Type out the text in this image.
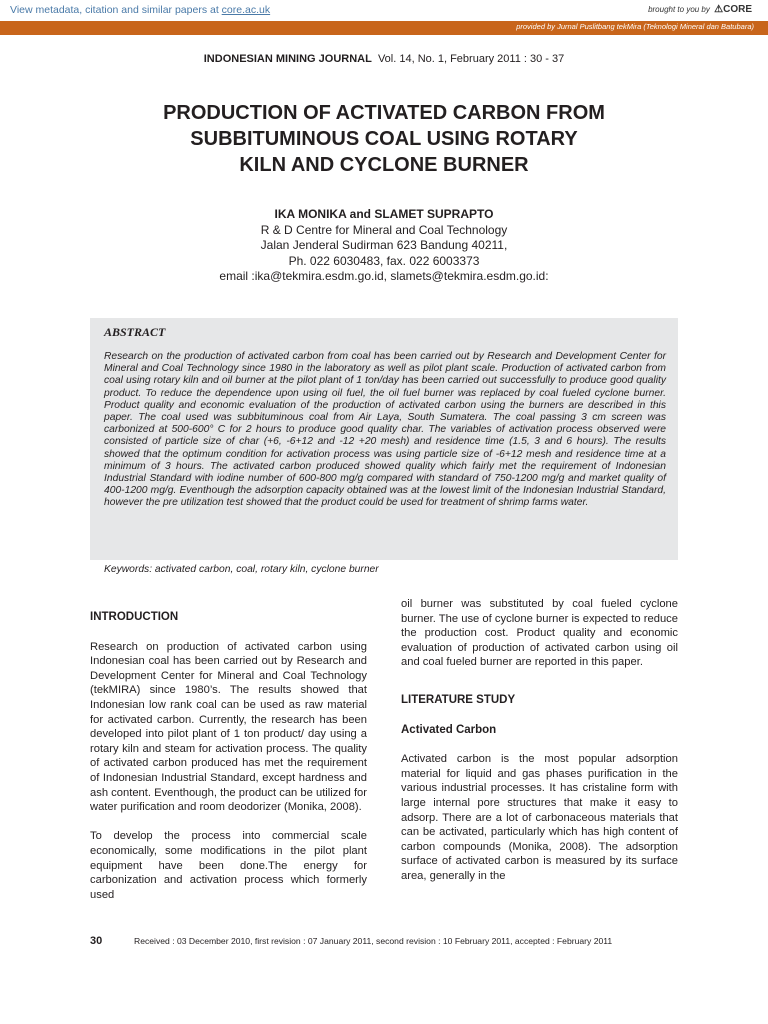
View metadata, citation and similar papers at core.ac.uk	brought to you by ⚠​CORE
provided by Jurnal Puslitbang tekMira (Teknologi Mineral dan Batubara)
INDONESIAN MINING JOURNAL Vol. 14, No. 1, February 2011 : 30 - 37
PRODUCTION OF ACTIVATED CARBON FROM
SUBBITUMINOUS COAL USING ROTARY
KILN AND CYCLONE BURNER
IKA MONIKA and SLAMET SUPRAPTO
R & D Centre for Mineral and Coal Technology
Jalan Jenderal Sudirman 623 Bandung 40211,
Ph. 022 6030483, fax. 022 6003373
email :ika@tekmira.esdm.go.id, slamets@tekmira.esdm.go.id:
ABSTRACT
Research on the production of activated carbon from coal has been carried out by Research and Development Center for Mineral and Coal Technology since 1980 in the laboratory as well as pilot plant scale. Production of activated carbon from coal using rotary kiln and oil burner at the pilot plant of 1 ton/day has been carried out successfully to produce good quality product. To reduce the dependence upon using oil fuel, the oil fuel burner was replaced by coal fueled cyclone burner. Product quality and economic evaluation of the production of activated carbon using the burners are described in this paper. The coal used was subbituminous coal from Air Laya, South Sumatera. The coal passing 3 cm screen was carbonized at 500-600° C for 2 hours to produce good quality char. The variables of activation process observed were consisted of particle size of char (+6, -6+12 and -12 +20 mesh) and residence time (1.5, 3 and 6 hours). The results showed that the optimum condition for activation process was using particle size of -6+12 mesh and residence time at a minimum of 3 hours. The activated carbon produced showed quality which fairly met the requirement of Indonesian Industrial Standard with iodine number of 600-800 mg/g compared with standard of 750-1200 mg/g and market quality of 400-1200 mg/g. Eventhough the adsorption capacity obtained was at the lowest limit of the Indonesian Industrial Standard, however the pre utilization test showed that the product could be used for treatment of shrimp farms water.
Keywords: activated carbon, coal, rotary kiln, cyclone burner

INTRODUCTION

Research on production of activated carbon using Indonesian coal has been carried out by Research and Development Center for Mineral and Coal Technology (tekMIRA) since 1980’s. The results showed that Indonesian low rank coal can be used as raw material for activated carbon. Currently, the research has been developed into pilot plant of 1 ton product/ day using a rotary kiln and steam for activation process. The quality of activated carbon produced has met the requirement of Indonesian Industrial Standard, except hardness and ash content. Eventhough, the product can be utilized for water purification and room deodorizer (Monika, 2008).

To develop the process into commercial scale economically, some modifications in the pilot plant equipment have been done.The energy for carbonization and activation process which formerly used

oil burner was substituted by coal fueled cyclone burner. The use of cyclone burner is expected to reduce the production cost. Product quality and economic evaluation of production of activated carbon using oil and coal fueled burner are reported in this paper.

LITERATURE STUDY

Activated Carbon

Activated carbon is the most popular adsorption material for liquid and gas phases purification in the various industrial processes. It has cristaline form with large internal pore structures that make it easy to adsorp. There are a lot of carbonaceous materials that can be activated, particularly which has high content of carbon compounds (Monika, 2008). The adsorption surface of activated carbon is measured by its surface area, generally in the

30	Received : 03 December 2010, first revision : 07 January 2011, second revision : 10 February 2011, accepted : February 2011
